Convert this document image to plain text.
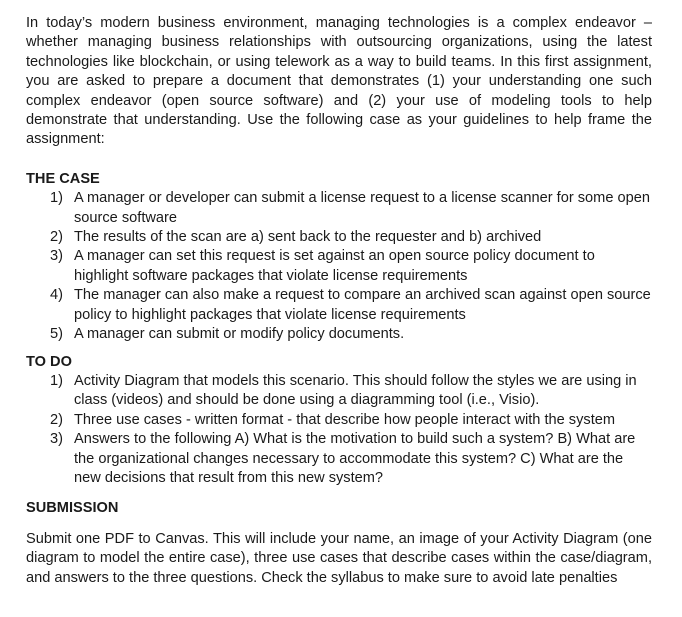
In today’s modern business environment, managing technologies is a complex endeavor – whether managing business relationships with outsourcing organizations, using the latest technologies like blockchain, or using telework as a way to build teams. In this first assignment, you are asked to prepare a document that demonstrates (1) your understanding one such complex endeavor (open source software) and (2) your use of modeling tools to help demonstrate that understanding. Use the following case as your guidelines to help frame the assignment:

THE CASE
1) A manager or developer can submit a license request to a license scanner for some open source software
2) The results of the scan are a) sent back to the requester and b) archived
3) A manager can set this request is set against an open source policy document to highlight software packages that violate license requirements
4) The manager can also make a request to compare an archived scan against open source policy to highlight packages that violate license requirements
5) A manager can submit or modify policy documents.
TO DO
1) Activity Diagram that models this scenario. This should follow the styles we are using in class (videos) and should be done using a diagramming tool (i.e., Visio).
2) Three use cases - written format - that describe how people interact with the system
3) Answers to the following A) What is the motivation to build such a system? B) What are the organizational changes necessary to accommodate this system? C) What are the new decisions that result from this new system?
SUBMISSION

Submit one PDF to Canvas. This will include your name, an image of your Activity Diagram (one diagram to model the entire case), three use cases that describe cases within the case/diagram, and answers to the three questions. Check the syllabus to make sure to avoid late penalties
